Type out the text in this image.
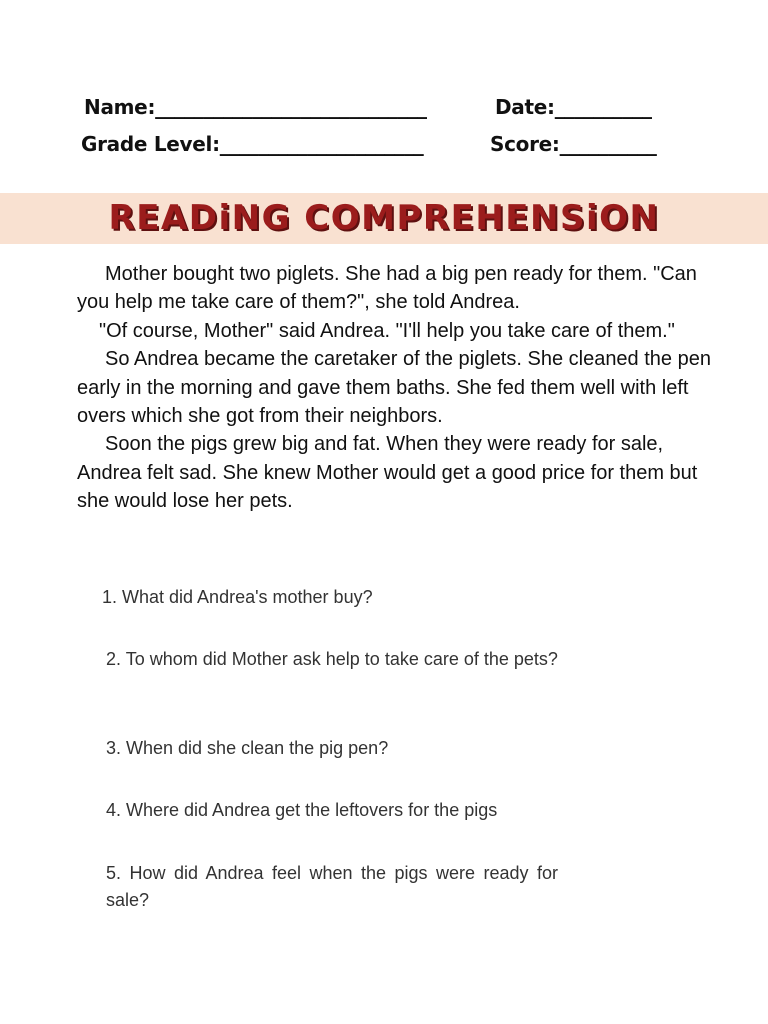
Name:____________________________	Date:__________
Grade Level:_____________________	Score:__________
READiNG COMPREHENSiON

Mother bought two piglets. She had a big pen ready for them. "Can you help me take care of them?", she told Andrea.

"Of course, Mother" said Andrea. "I'll help you take care of them."

So Andrea became the caretaker of the piglets. She cleaned the pen early in the morning and gave them baths. She fed them well with left overs which she got from their neighbors.

Soon the pigs grew big and fat. When they were ready for sale, Andrea felt sad. She knew Mother would get a good price for them but she would lose her pets.

1. What did Andrea's mother buy?
2. To whom did Mother ask help to take care of the pets?
3. When did she clean the pig pen?
4. Where did Andrea get the leftovers for the pigs
5. How did Andrea feel when the pigs were ready for sale?
